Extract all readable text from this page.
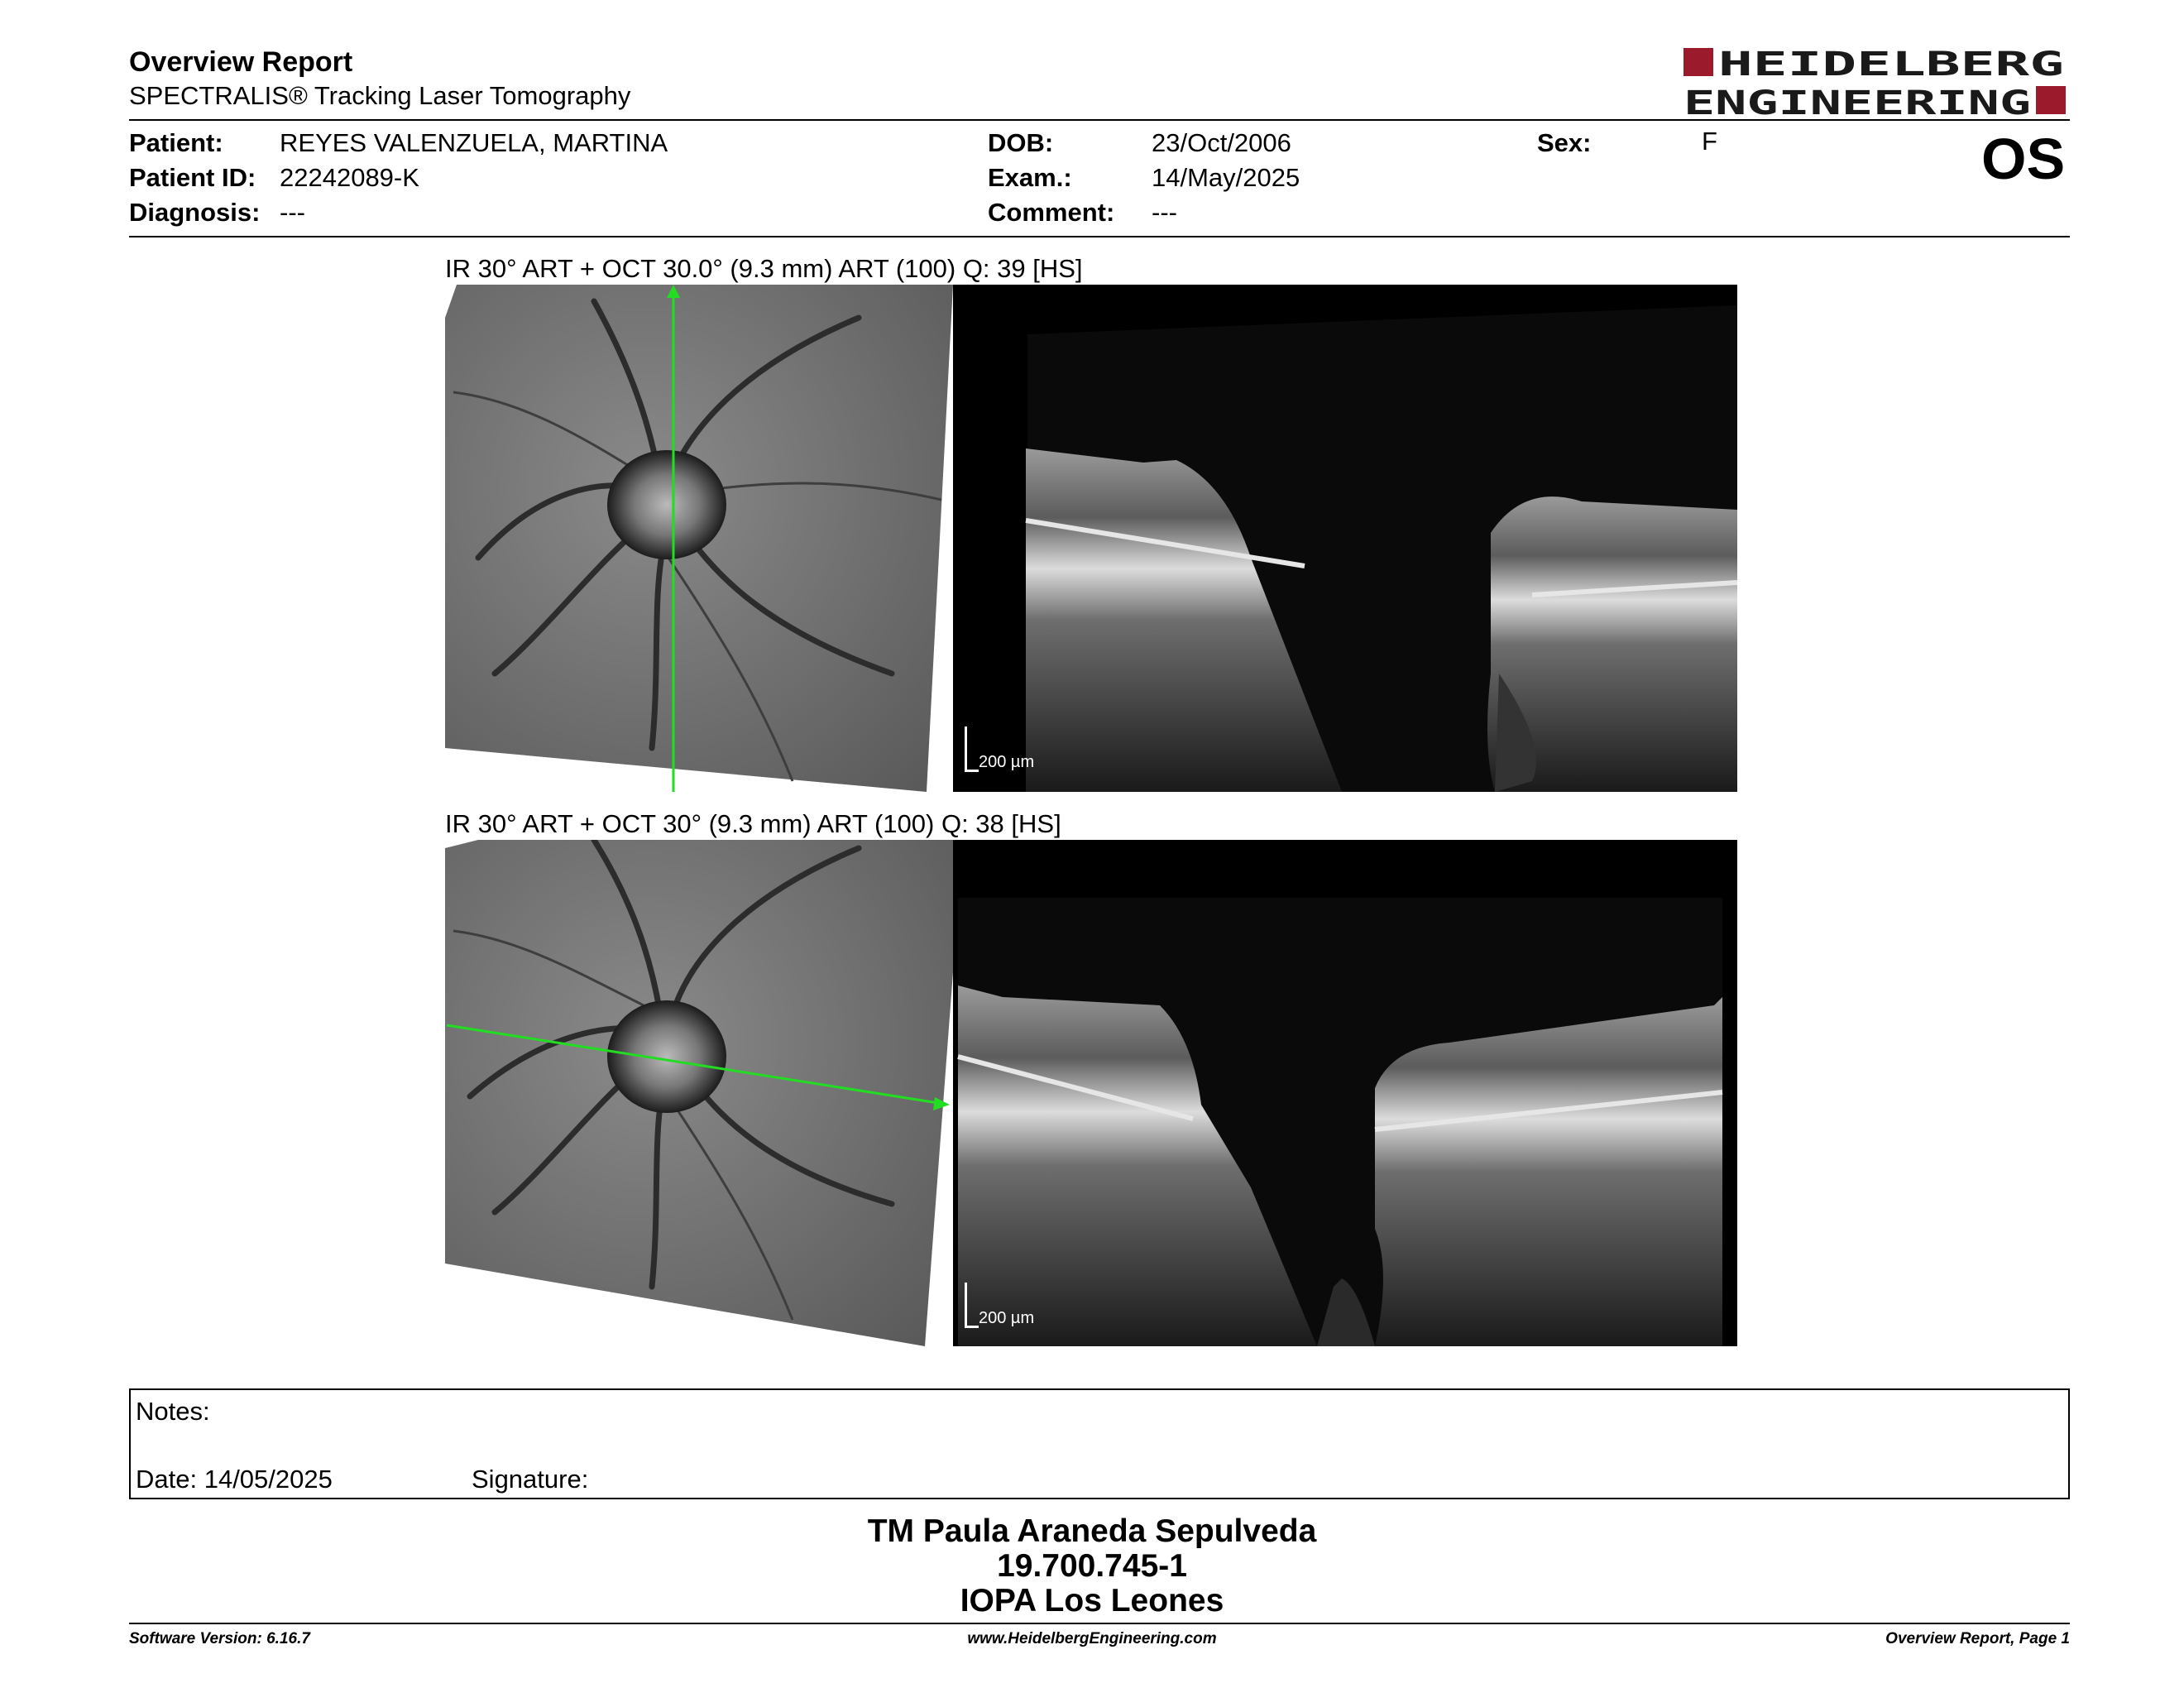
Overview Report
SPECTRALIS® Tracking Laser Tomography
HEIDELBERG
ENGINEERING
Patient: REYES VALENZUELA, MARTINA
Patient ID: 22242089-K
Diagnosis: ---
DOB:	23/Oct/2006
Exam.:	14/May/2025
Comment: ---
Sex:	F	OS
IR 30° ART + OCT 30.0° (9.3 mm) ART (100) Q: 39 [HS]
200 µm	200 µm
IR 30° ART + OCT 30° (9.3 mm) ART (100) Q: 38 [HS]
200 µm	200 µm
Notes:
Date: 14/05/2025	Signature:
TM Paula Araneda Sepulveda
19.700.745-1
IOPA Los Leones
Software Version: 6.16.7	www.HeidelbergEngineering.com	Overview Report, Page 1
